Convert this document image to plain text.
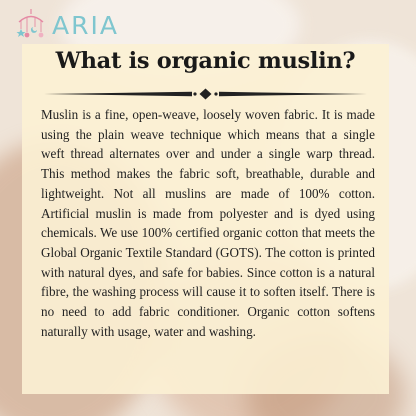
ARIA
What is organic muslin?

Muslin is a fine, open-weave, loosely woven fabric. It is made using the plain weave technique which means that a single weft thread alternates over and under a single warp thread. This method makes the fabric soft, breathable, durable and lightweight. Not all muslins are made of 100% cotton. Artificial muslin is made from polyester and is dyed using chemicals. We use 100% certified organic cotton that meets the Global Organic Textile Standard (GOTS). The cotton is printed with natural dyes, and safe for babies. Since cotton is a natural fibre, the washing process will cause it to soften itself. There is no need to add fabric conditioner. Organic cotton softens naturally with usage, water and washing.
